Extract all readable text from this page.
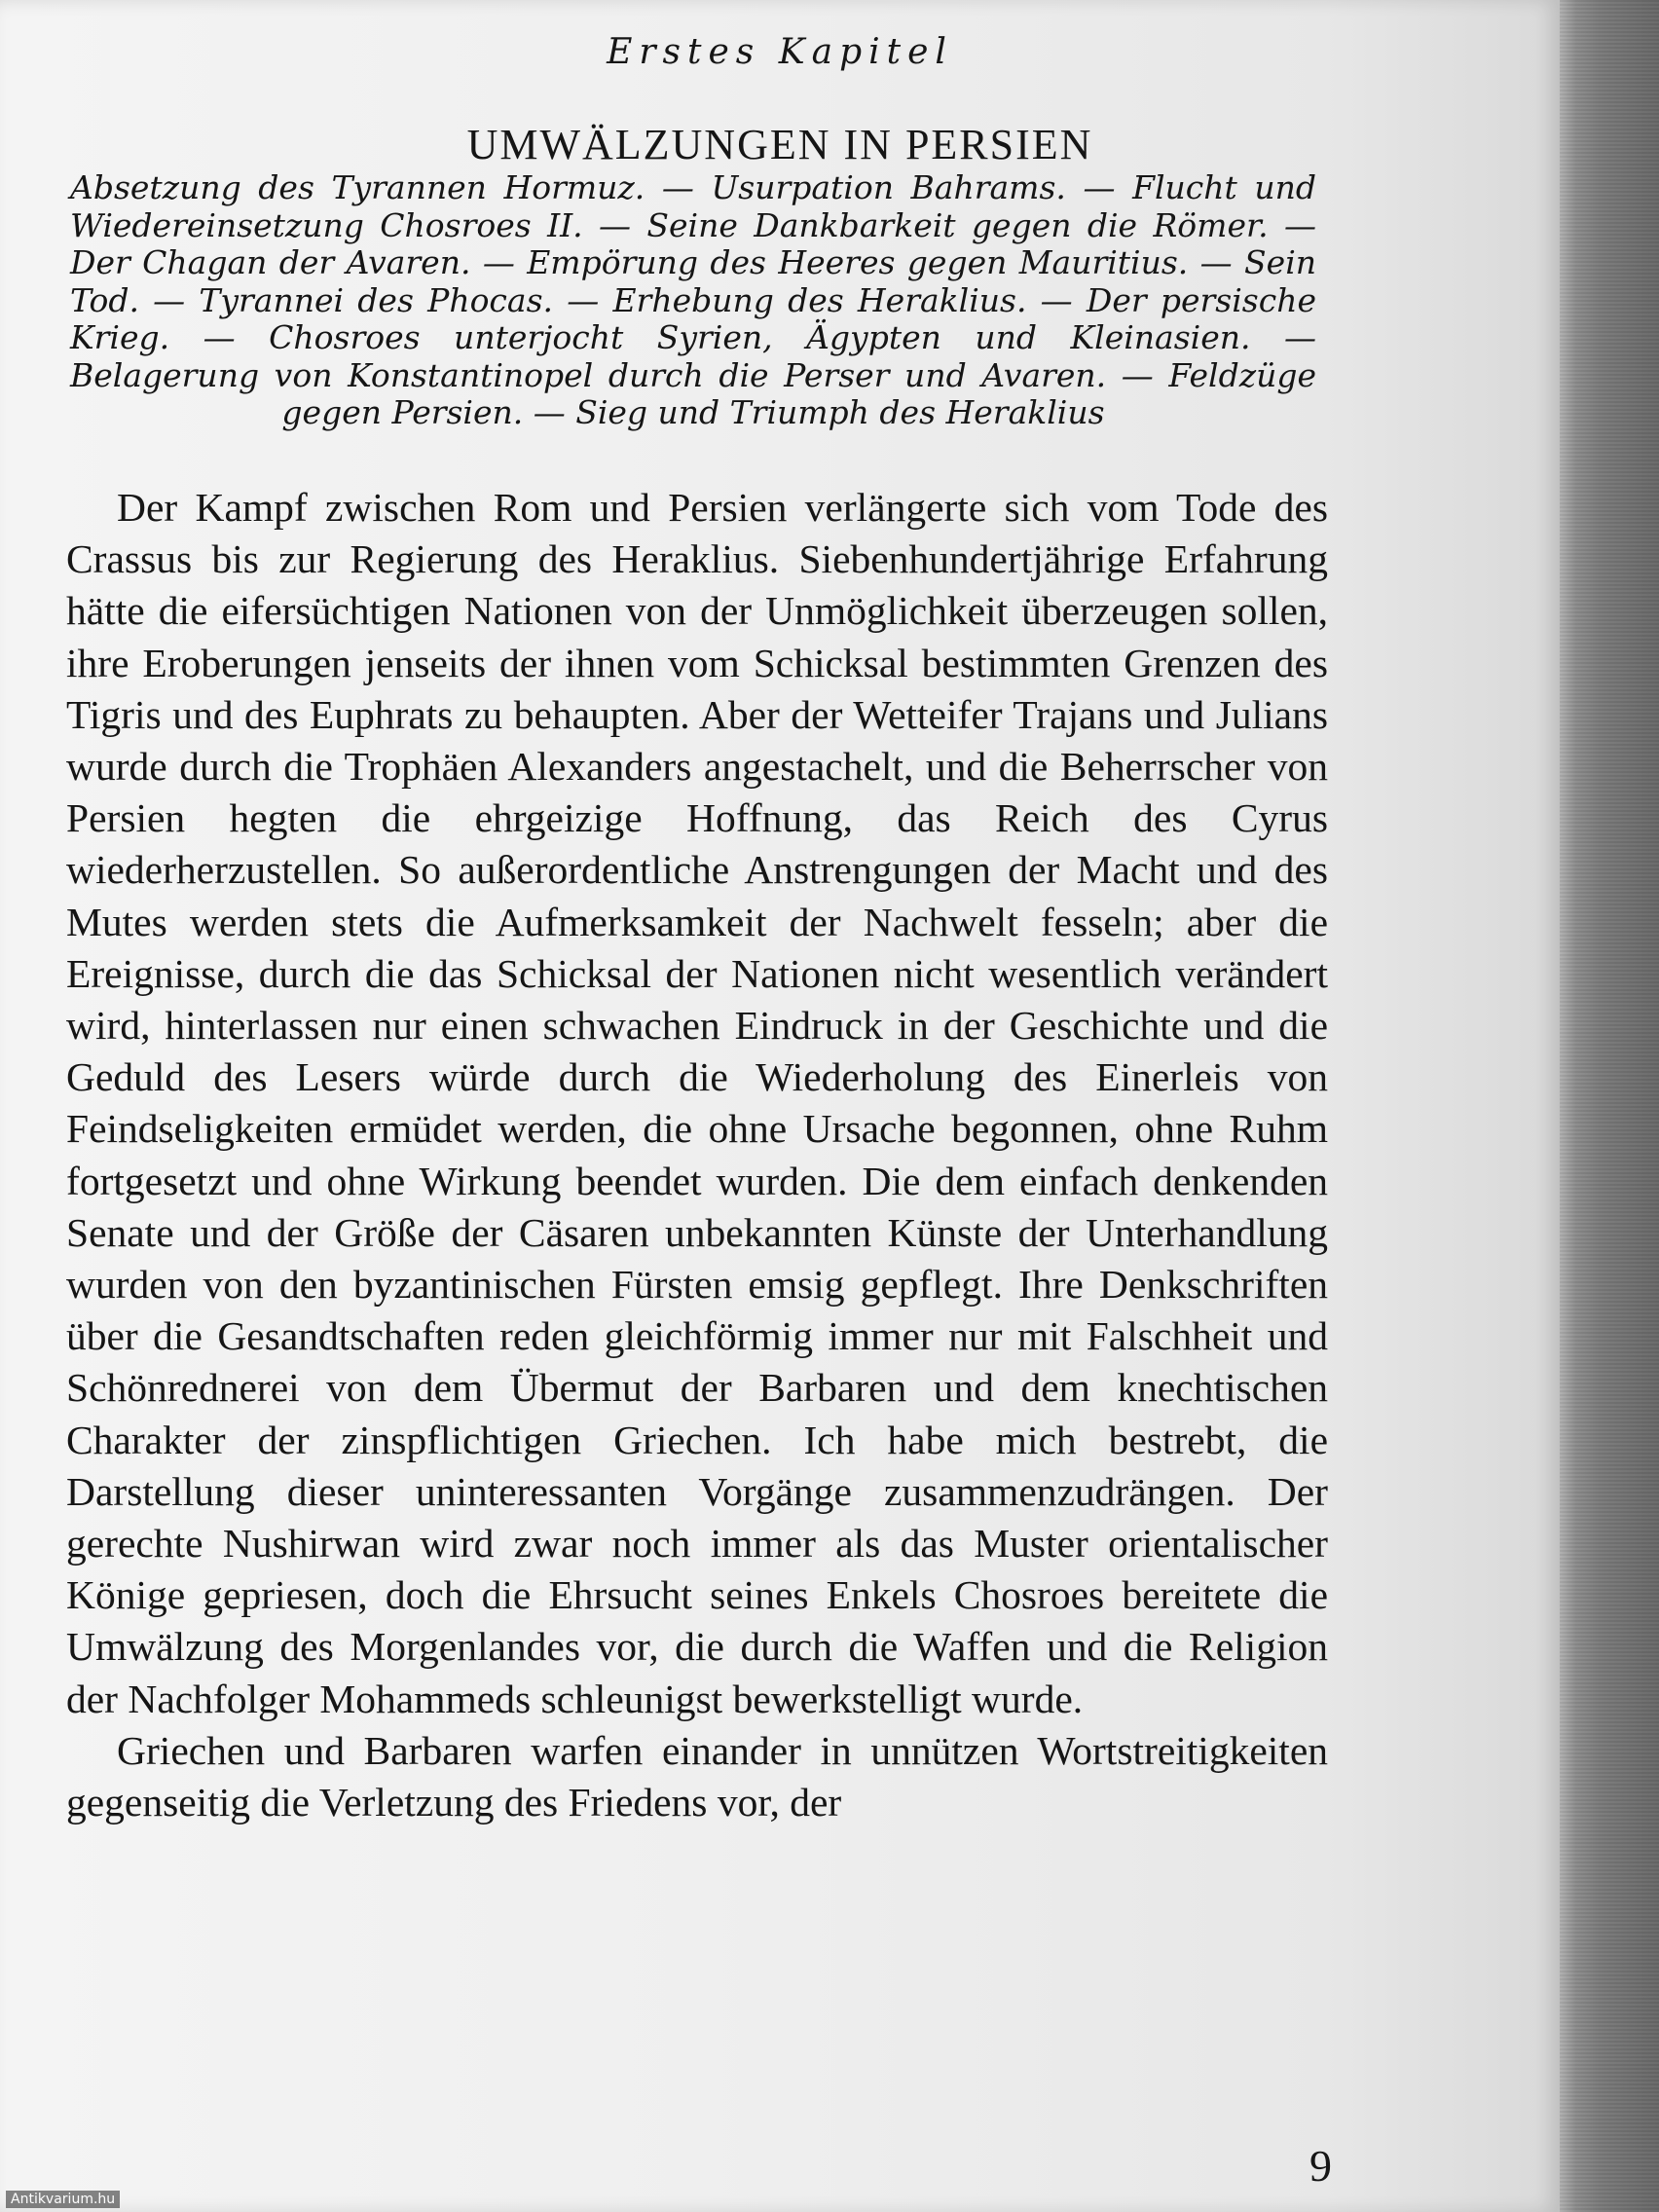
Erstes Kapitel
UMWÄLZUNGEN IN PERSIEN
Absetzung des Tyrannen Hormuz. — Usurpation Bahrams. — Flucht und Wiedereinsetzung Chosroes II. — Seine Dankbarkeit gegen die Römer. — Der Chagan der Avaren. — Empörung des Heeres gegen Mauritius. — Sein Tod. — Tyrannei des Phocas. — Erhebung des Heraklius. — Der persische Krieg. — Chosroes unterjocht Syrien, Ägypten und Kleinasien. — Belagerung von Konstantinopel durch die Perser und Avaren. — Feldzüge gegen Persien. — Sieg und Triumph des Heraklius

Der Kampf zwischen Rom und Persien verlängerte sich vom Tode des Crassus bis zur Regierung des Heraklius. Siebenhundertjährige Erfahrung hätte die eifersüchtigen Nationen von der Unmöglichkeit überzeugen sollen, ihre Eroberungen jenseits der ihnen vom Schicksal bestimmten Grenzen des Tigris und des Euphrats zu behaupten. Aber der Wetteifer Trajans und Julians wurde durch die Trophäen Alexanders angestachelt, und die Beherrscher von Persien hegten die ehrgeizige Hoffnung, das Reich des Cyrus wiederherzustellen. So außerordentliche Anstrengungen der Macht und des Mutes werden stets die Aufmerksamkeit der Nachwelt fesseln; aber die Ereignisse, durch die das Schicksal der Nationen nicht wesentlich verändert wird, hinterlassen nur einen schwachen Eindruck in der Geschichte und die Geduld des Lesers würde durch die Wiederholung des Einerleis von Feindseligkeiten ermüdet werden, die ohne Ursache begonnen, ohne Ruhm fortgesetzt und ohne Wirkung beendet wurden. Die dem einfach denkenden Senate und der Größe der Cäsaren unbekannten Künste der Unterhandlung wurden von den byzantinischen Fürsten emsig gepflegt. Ihre Denkschriften über die Gesandtschaften reden gleichförmig immer nur mit Falschheit und Schönrednerei von dem Übermut der Barbaren und dem knechtischen Charakter der zinspflichtigen Griechen. Ich habe mich bestrebt, die Darstellung dieser uninteressanten Vorgänge zusammenzudrängen. Der gerechte Nushirwan wird zwar noch immer als das Muster orientalischer Könige gepriesen, doch die Ehrsucht seines Enkels Chosroes bereitete die Umwälzung des Morgenlandes vor, die durch die Waffen und die Religion der Nachfolger Mohammeds schleunigst bewerkstelligt wurde.

Griechen und Barbaren warfen einander in unnützen Wortstreitigkeiten gegenseitig die Verletzung des Friedens vor, der

9
Antikvarium.hu
